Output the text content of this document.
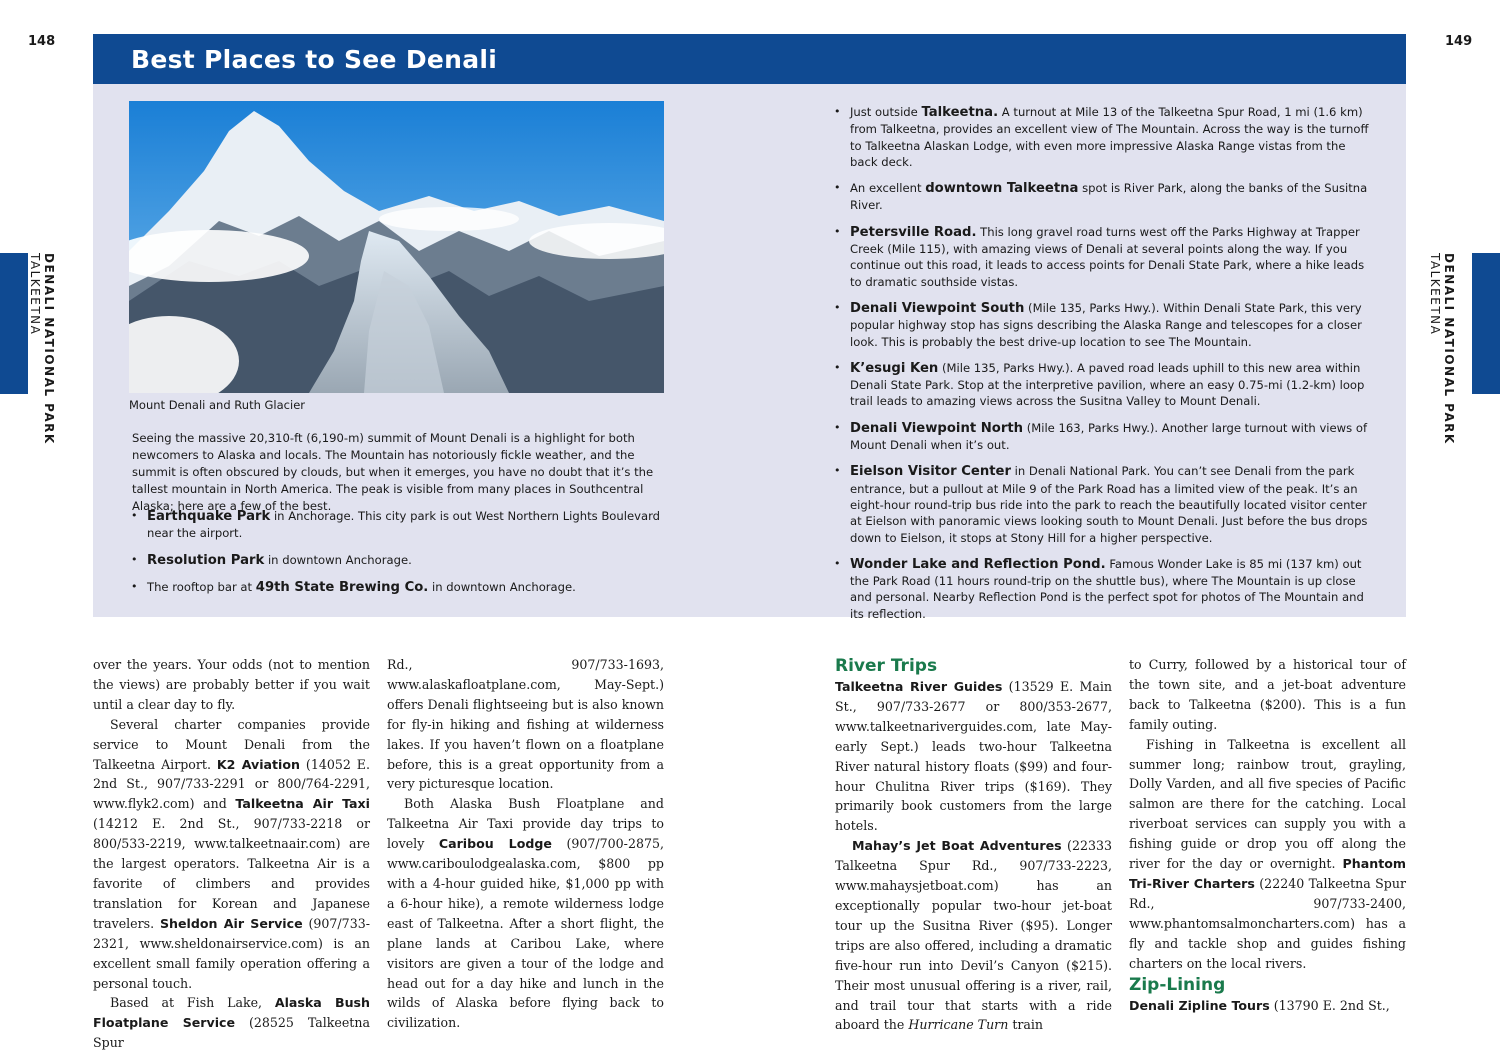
148	149
DENALI NATIONAL PARK
TALKEETNA	DENALI NATIONAL PARK
TALKEETNA
Best Places to See Denali
Mount Denali and Ruth Glacier

Seeing the massive 20,310-ft (6,190-m) summit of Mount Denali is a highlight for both newcomers to Alaska and locals. The Mountain has notoriously fickle weather, and the summit is often obscured by clouds, but when it emerges, you have no doubt that it’s the tallest mountain in North America. The peak is visible from many places in Southcentral Alaska; here are a few of the best.

• Earthquake Park in Anchorage. This city park is out West Northern Lights Boulevard near the airport.
• Resolution Park in downtown Anchorage.
• The rooftop bar at 49th State Brewing Co. in downtown Anchorage.
• Just outside Talkeetna. A turnout at Mile 13 of the Talkeetna Spur Road, 1 mi (1.6 km) from Talkeetna, provides an excellent view of The Mountain. Across the way is the turnoff to Talkeetna Alaskan Lodge, with even more impressive Alaska Range vistas from the back deck.
• An excellent downtown Talkeetna spot is River Park, along the banks of the Susitna River.
• Petersville Road. This long gravel road turns west off the Parks Highway at Trapper Creek (Mile 115), with amazing views of Denali at several points along the way. If you continue out this road, it leads to access points for Denali State Park, where a hike leads to dramatic southside vistas.
• Denali Viewpoint South (Mile 135, Parks Hwy.). Within Denali State Park, this very popular highway stop has signs describing the Alaska Range and telescopes for a closer look. This is probably the best drive-up location to see The Mountain.
• K’esugi Ken (Mile 135, Parks Hwy.). A paved road leads uphill to this new area within Denali State Park. Stop at the interpretive pavilion, where an easy 0.75-mi (1.2-km) loop trail leads to amazing views across the Susitna Valley to Mount Denali.
• Denali Viewpoint North (Mile 163, Parks Hwy.). Another large turnout with views of Mount Denali when it’s out.
• Eielson Visitor Center in Denali National Park. You can’t see Denali from the park entrance, but a pullout at Mile 9 of the Park Road has a limited view of the peak. It’s an eight-hour round-trip bus ride into the park to reach the beautifully located visitor center at Eielson with panoramic views looking south to Mount Denali. Just before the bus drops down to Eielson, it stops at Stony Hill for a higher perspective.
• Wonder Lake and Reflection Pond. Famous Wonder Lake is 85 mi (137 km) out the Park Road (11 hours round-trip on the shuttle bus), where The Mountain is up close and personal. Nearby Reflection Pond is the perfect spot for photos of The Mountain and its reflection.

over the years. Your odds (not to mention the views) are probably better if you wait until a clear day to fly.

Several charter companies provide service to Mount Denali from the Talkeetna Airport. K2 Aviation (14052 E. 2nd St., 907/733-2291 or 800/764-2291, www.flyk2.com) and Talkeetna Air Taxi (14212 E. 2nd St., 907/733-2218 or 800/533-2219, www.talkeetnaair.com) are the largest operators. Talkeetna Air is a favorite of climbers and provides translation for Korean and Japanese travelers. Sheldon Air Service (907/733-2321, www.sheldonairservice.com) is an excellent small family operation offering a personal touch.

Based at Fish Lake, Alaska Bush Floatplane Service (28525 Talkeetna Spur

Rd., 907/733-1693, www.alaskafloatplane.com, May-Sept.) offers Denali flightseeing but is also known for fly-in hiking and fishing at wilderness lakes. If you haven’t flown on a floatplane before, this is a great opportunity from a very picturesque location.

Both Alaska Bush Floatplane and Talkeetna Air Taxi provide day trips to lovely Caribou Lodge (907/700-2875, www.cariboulodgealaska.com, $800 pp with a 4-hour guided hike, $1,000 pp with a 6-hour hike), a remote wilderness lodge east of Talkeetna. After a short flight, the plane lands at Caribou Lake, where visitors are given a tour of the lodge and head out for a day hike and lunch in the wilds of Alaska before flying back to civilization.

River Trips

Talkeetna River Guides (13529 E. Main St., 907/733-2677 or 800/353-2677, www.talkeetnariverguides.com, late May-early Sept.) leads two-hour Talkeetna River natural history floats ($99) and four-hour Chulitna River trips ($169). They primarily book customers from the large hotels.

Mahay’s Jet Boat Adventures (22333 Talkeetna Spur Rd., 907/733-2223, www.mahaysjetboat.com) has an exceptionally popular two-hour jet-boat tour up the Susitna River ($95). Longer trips are also offered, including a dramatic five-hour run into Devil’s Canyon ($215). Their most unusual offering is a river, rail, and trail tour that starts with a ride aboard the Hurricane Turn train

to Curry, followed by a historical tour of the town site, and a jet-boat adventure back to Talkeetna ($200). This is a fun family outing.

Fishing in Talkeetna is excellent all summer long; rainbow trout, grayling, Dolly Varden, and all five species of Pacific salmon are there for the catching. Local riverboat services can supply you with a fishing guide or drop you off along the river for the day or overnight. Phantom Tri-River Charters (22240 Talkeetna Spur Rd., 907/733-2400, www.phantomsalmoncharters.com) has a fly and tackle shop and guides fishing charters on the local rivers.

Zip-Lining

Denali Zipline Tours (13790 E. 2nd St.,
